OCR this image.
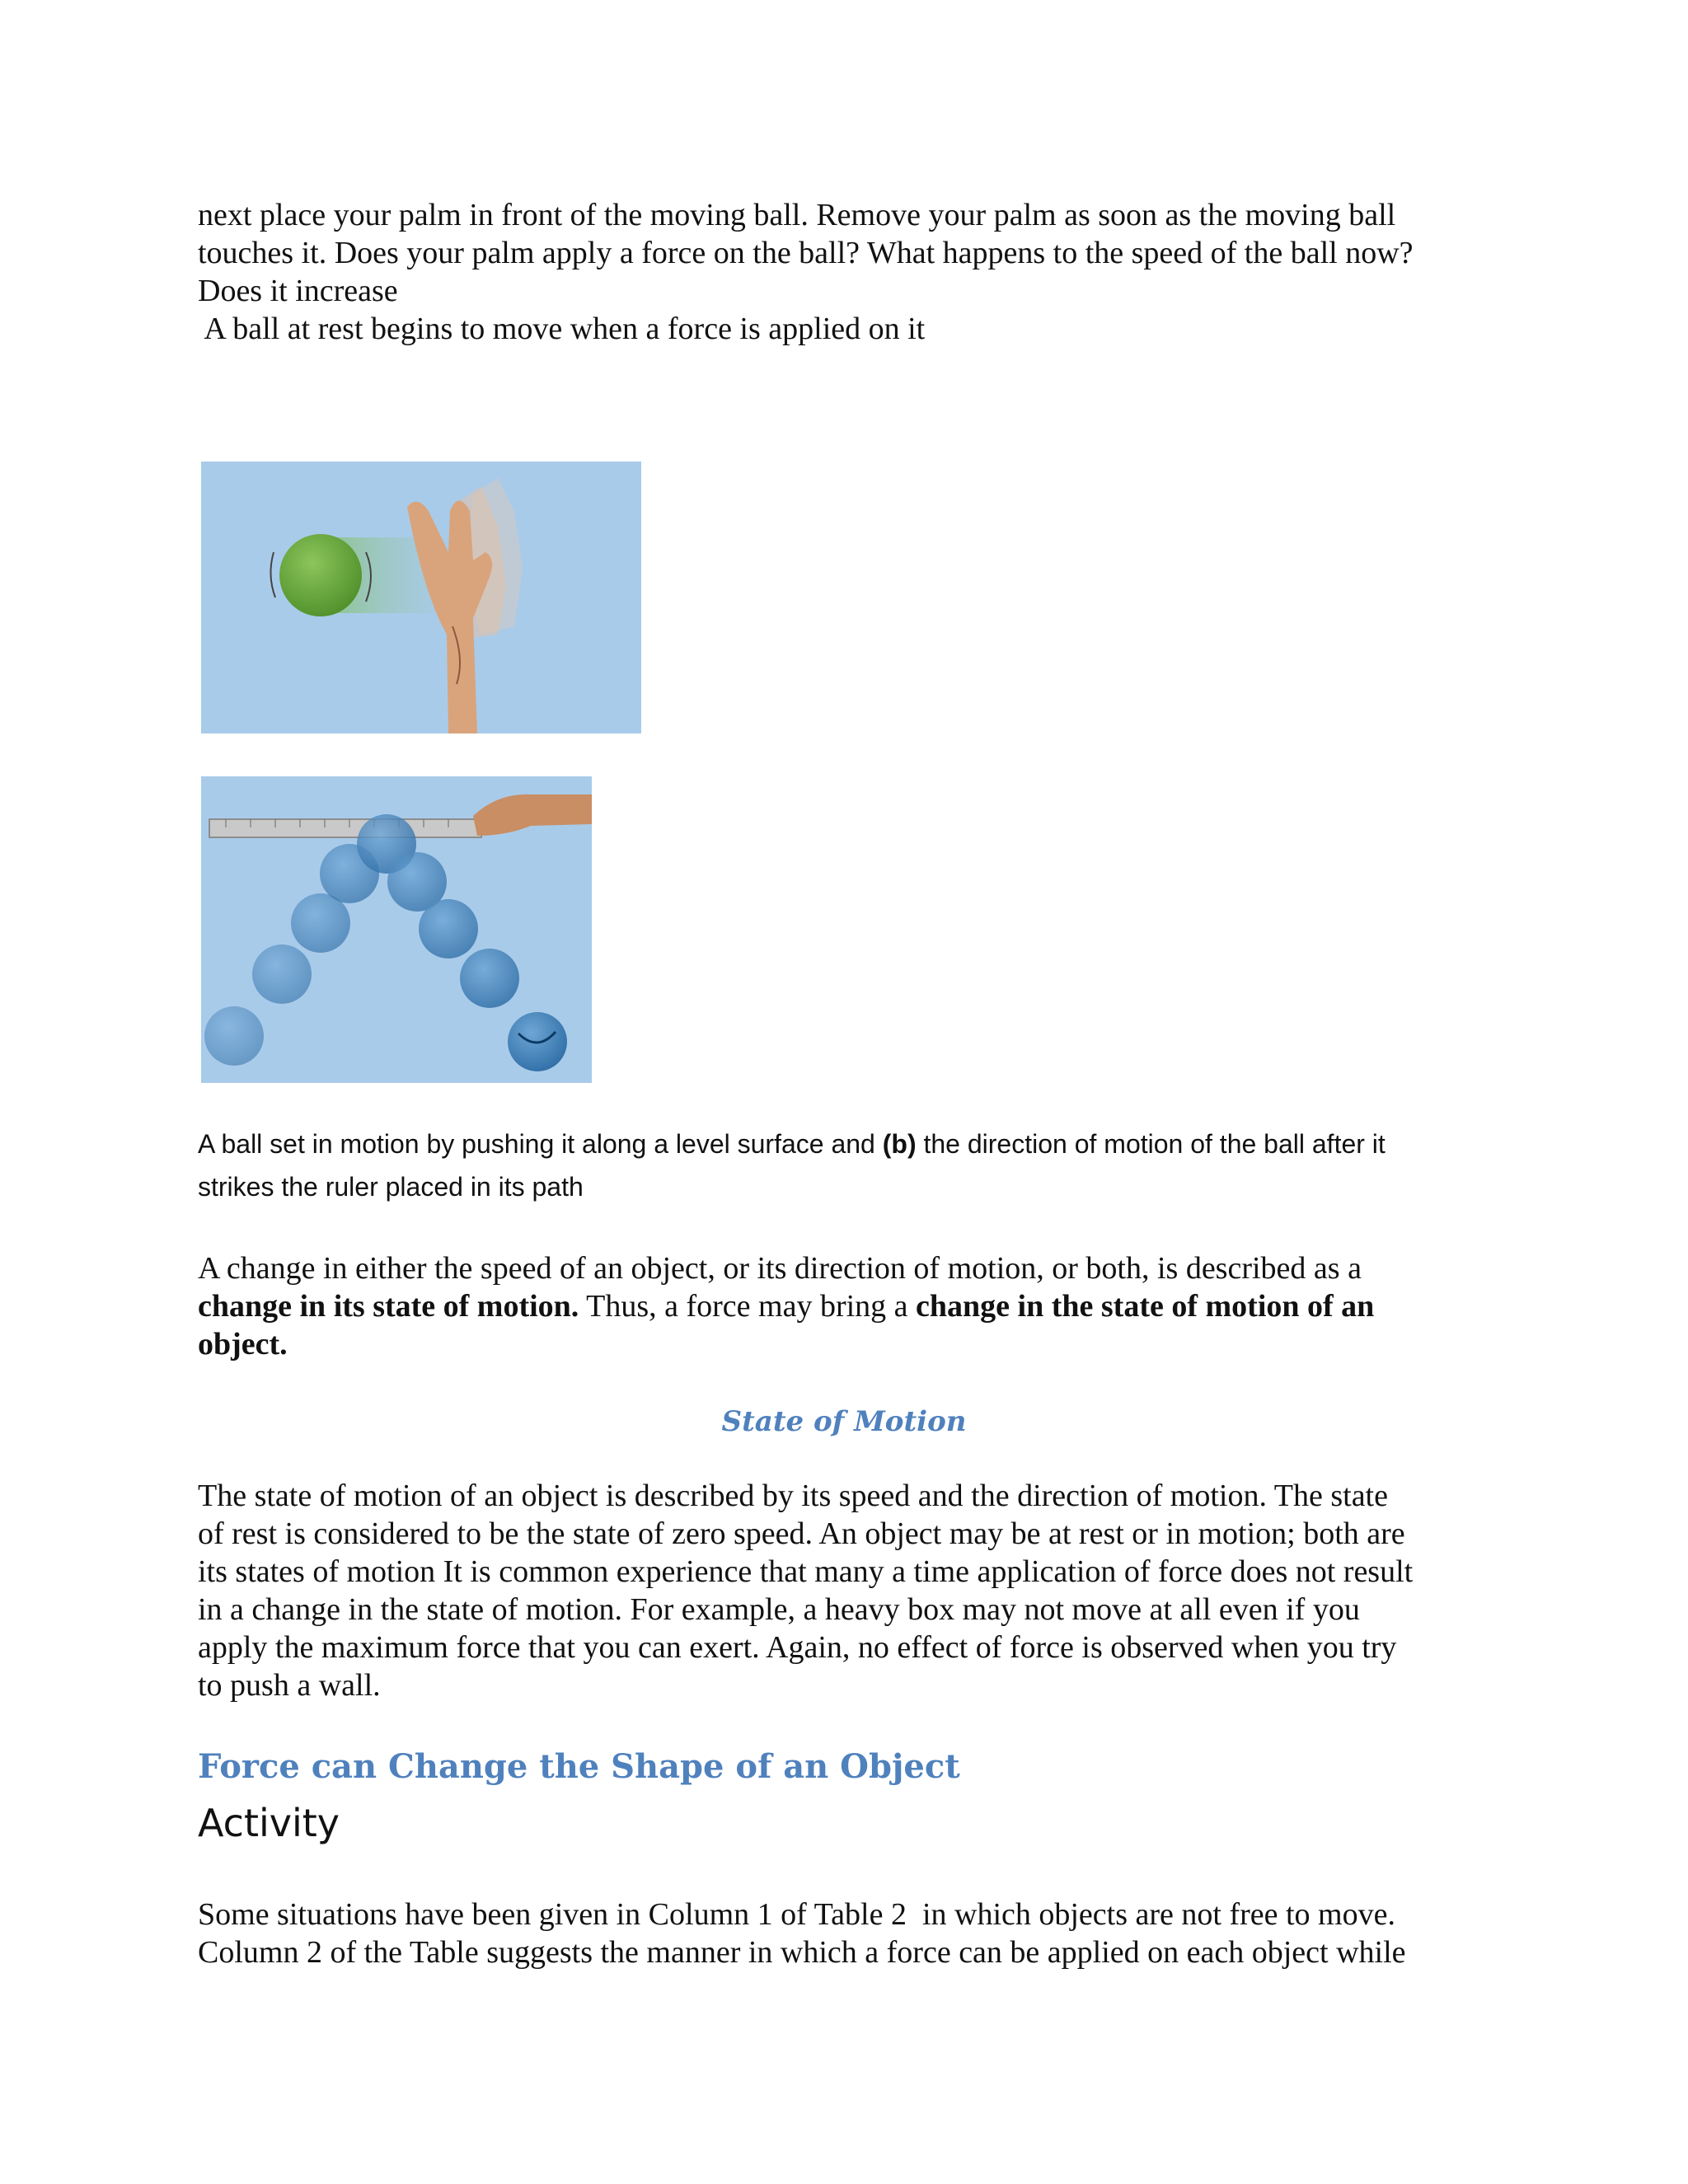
next place your palm in front of the moving ball. Remove your palm as soon as the moving ball
touches it. Does your palm apply a force on the ball? What happens to the speed of the ball now?
Does it increase
A ball at rest begins to move when a force is applied on it
A ball set in motion by pushing it along a level surface and (b) the direction of motion of the ball after it
strikes the ruler placed in its path
A change in either the speed of an object, or its direction of motion, or both, is described as a
change in its state of motion. Thus, a force may bring a change in the state of motion of an
object.
State of Motion
The state of motion of an object is described by its speed and the direction of motion. The state
of rest is considered to be the state of zero speed. An object may be at rest or in motion; both are
its states of motion It is common experience that many a time application of force does not result
in a change in the state of motion. For example, a heavy box may not move at all even if you
apply the maximum force that you can exert. Again, no effect of force is observed when you try
to push a wall.
Force can Change the Shape of an Object
Activity
Some situations have been given in Column 1 of Table 2  in which objects are not free to move.
Column 2 of the Table suggests the manner in which a force can be applied on each object while
